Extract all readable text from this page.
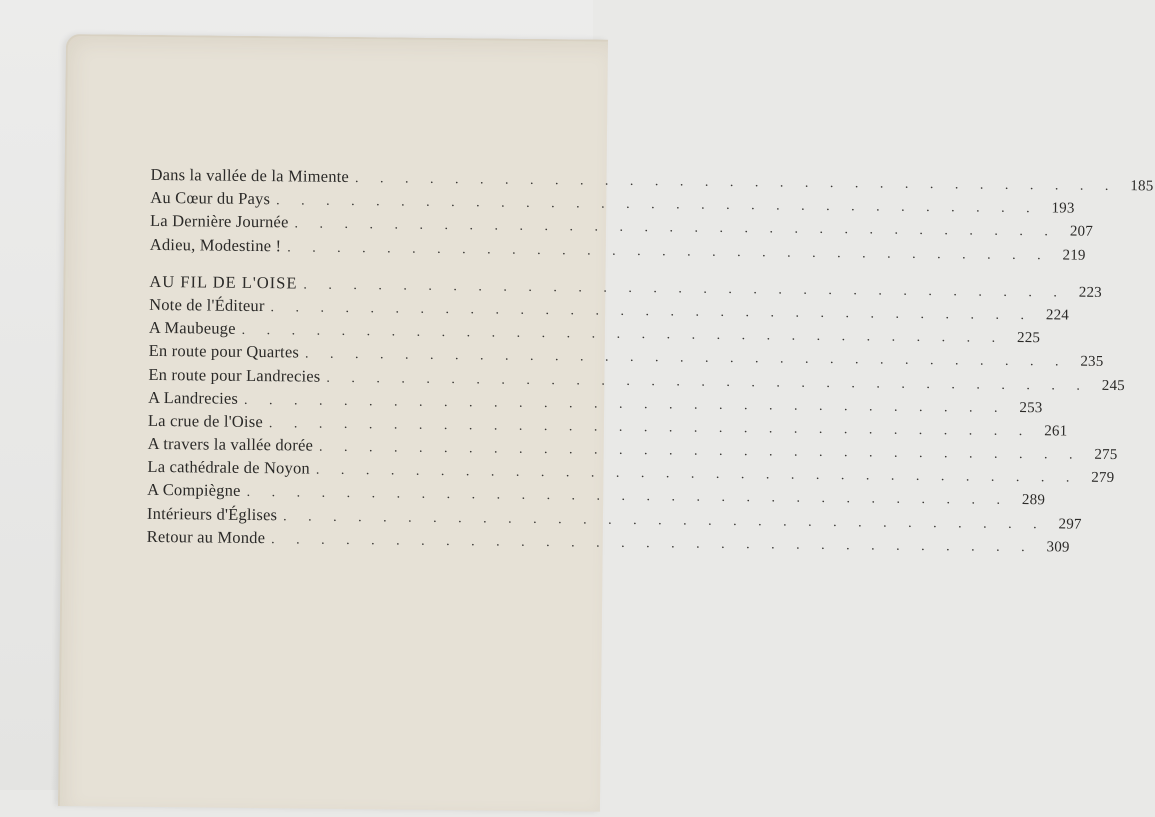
Dans la vallée de la Mimente . . . . . . . . . . . . . . . . . . . . . . . . . . . . . . . 185
Au Cœur du Pays . . . . . . . . . . . . . . . . . . . . . . . . . . . . . . . 193
La Dernière Journée . . . . . . . . . . . . . . . . . . . . . . . . . . . . . . . 207
Adieu, Modestine ! . . . . . . . . . . . . . . . . . . . . . . . . . . . . . . . 219
AU FIL DE L'OISE . . . . . . . . . . . . . . . . . . . . . . . . . . . . . . . 223
Note de l'Éditeur . . . . . . . . . . . . . . . . . . . . . . . . . . . . . . . 224
A Maubeuge . . . . . . . . . . . . . . . . . . . . . . . . . . . . . . . 225
En route pour Quartes . . . . . . . . . . . . . . . . . . . . . . . . . . . . . . . 235
En route pour Landrecies . . . . . . . . . . . . . . . . . . . . . . . . . . . . . . . 245
A Landrecies . . . . . . . . . . . . . . . . . . . . . . . . . . . . . . . 253
La crue de l'Oise . . . . . . . . . . . . . . . . . . . . . . . . . . . . . . . 261
A travers la vallée dorée . . . . . . . . . . . . . . . . . . . . . . . . . . . . . . . 275
La cathédrale de Noyon . . . . . . . . . . . . . . . . . . . . . . . . . . . . . . . 279
A Compiègne . . . . . . . . . . . . . . . . . . . . . . . . . . . . . . . 289
Intérieurs d'Églises . . . . . . . . . . . . . . . . . . . . . . . . . . . . . . . 297
Retour au Monde . . . . . . . . . . . . . . . . . . . . . . . . . . . . . . . 309
